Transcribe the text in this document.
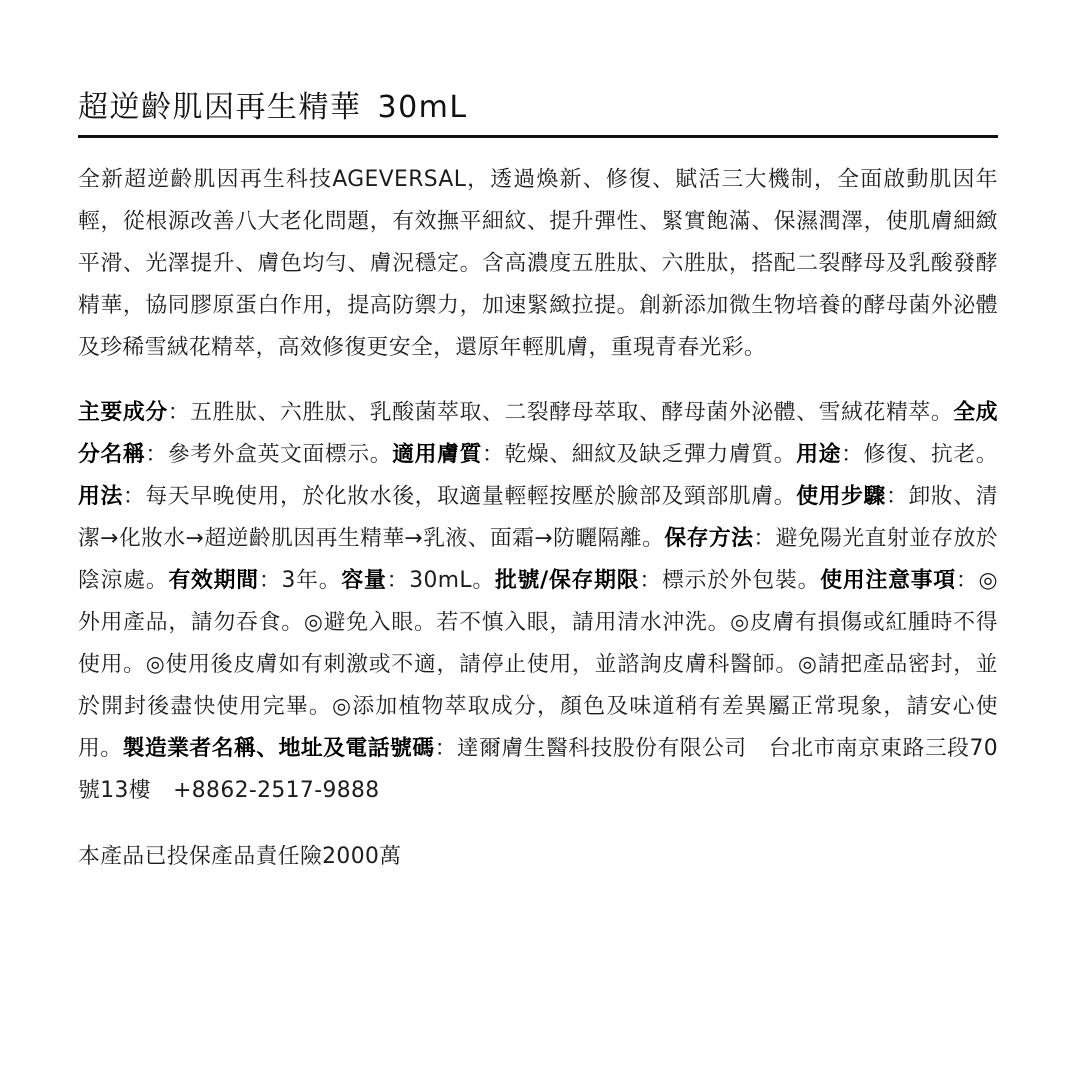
超逆齡肌因再生精華 30mL

全新超逆齡肌因再生科技AGEVERSAL，透過煥新、修復、賦活三大機制，全面啟動肌因年輕，從根源改善八大老化問題，有效撫平細紋、提升彈性、緊實飽滿、保濕潤澤，使肌膚細緻平滑、光澤提升、膚色均勻、膚況穩定。含高濃度五胜肽、六胜肽，搭配二裂酵母及乳酸發酵精華，協同膠原蛋白作用，提高防禦力，加速緊緻拉提。創新添加微生物培養的酵母菌外泌體及珍稀雪絨花精萃，高效修復更安全，還原年輕肌膚，重現青春光彩。

主要成分：五胜肽、六胜肽、乳酸菌萃取、二裂酵母萃取、酵母菌外泌體、雪絨花精萃。全成分名稱：參考外盒英文面標示。適用膚質：乾燥、細紋及缺乏彈力膚質。用途：修復、抗老。用法：每天早晚使用，於化妝水後，取適量輕輕按壓於臉部及頸部肌膚。使用步驟：卸妝、清潔→化妝水→超逆齡肌因再生精華→乳液、面霜→防曬隔離。保存方法：避免陽光直射並存放於陰涼處。有效期間：3年。容量：30mL。批號/保存期限：標示於外包裝。使用注意事項：◎外用產品，請勿吞食。◎避免入眼。若不慎入眼，請用清水沖洗。◎皮膚有損傷或紅腫時不得使用。◎使用後皮膚如有刺激或不適，請停止使用，並諮詢皮膚科醫師。◎請把產品密封，並於開封後盡快使用完畢。◎添加植物萃取成分，顏色及味道稍有差異屬正常現象，請安心使用。製造業者名稱、地址及電話號碼：達爾膚生醫科技股份有限公司　台北市南京東路三段70號13樓　+8862-2517-9888

本產品已投保產品責任險2000萬
